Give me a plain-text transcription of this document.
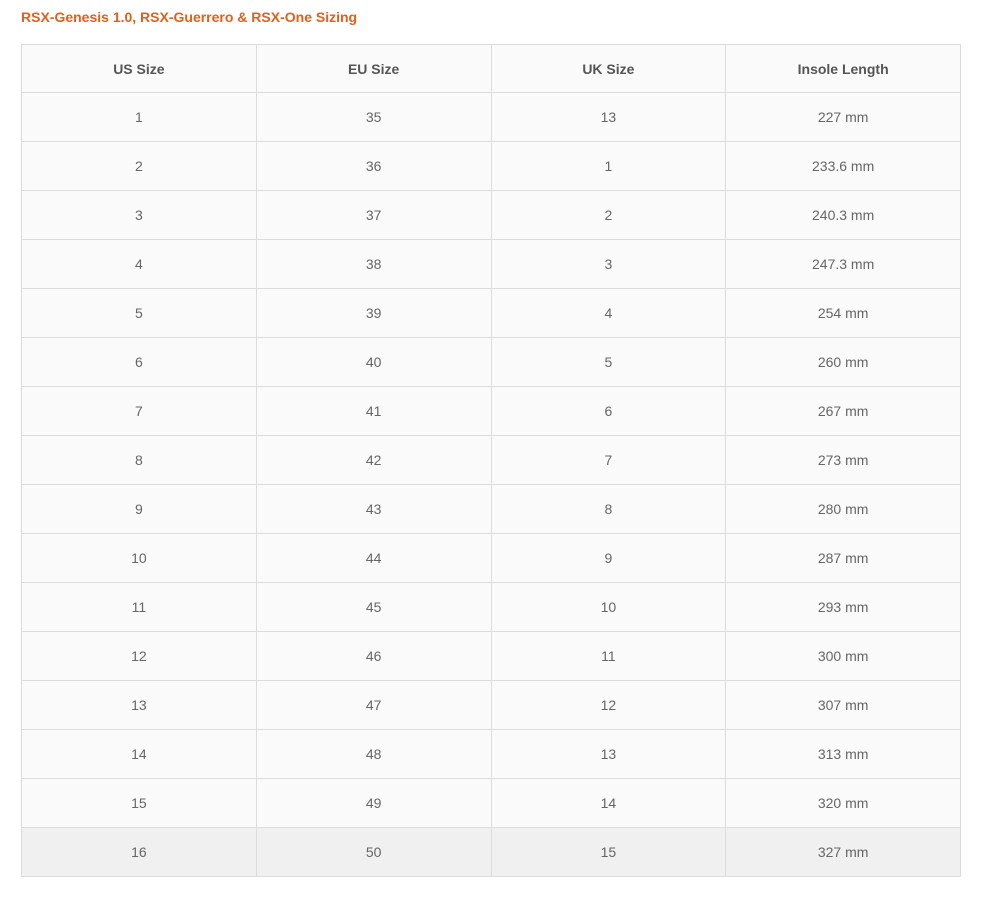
RSX-Genesis 1.0, RSX-Guerrero & RSX-One Sizing
US Size	EU Size	UK Size	Insole Length
1	35	13	227 mm
2	36	1	233.6 mm
3	37	2	240.3 mm
4	38	3	247.3 mm
5	39	4	254 mm
6	40	5	260 mm
7	41	6	267 mm
8	42	7	273 mm
9	43	8	280 mm
10	44	9	287 mm
11	45	10	293 mm
12	46	11	300 mm
13	47	12	307 mm
14	48	13	313 mm
15	49	14	320 mm
16	50	15	327 mm
